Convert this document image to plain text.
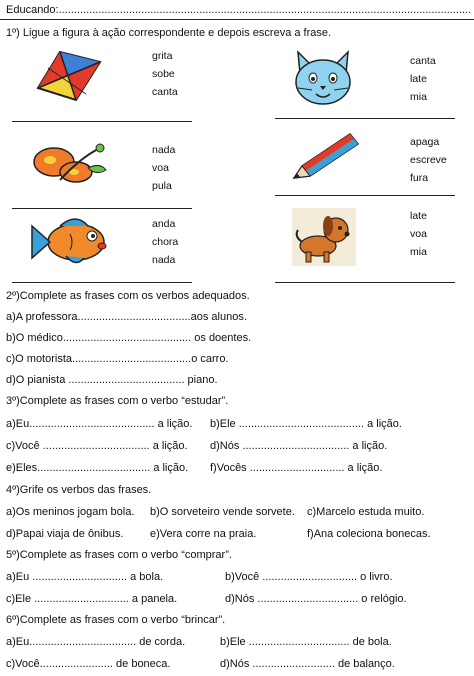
Educando:.......................................................................................................................................
1º) Ligue a figura à ação correspondente e depois escreva a frase.
grita
sobe
canta
nada
voa
pula
anda
chora
nada
canta
late
mia
apaga
escreve
fura
late
voa
mia
2º)Complete as frases com os verbos adequados.
a)A professora.....................................aos alunos.
b)O médico.......................................... os doentes.
c)O motorista.......................................o carro.
d)O pianista ...................................... piano.
3º)Complete as frases com o verbo “estudar”.
a)Eu......................................... a lição. b)Ele ......................................... a lição.
c)Você ................................... a lição. d)Nós ................................... a lição.
e)Eles..................................... a lição. f)Vocês ............................... a lição.
4º)Grife os verbos das frases.
a)Os meninos jogam bola. b)O sorveteiro vende sorvete. c)Marcelo estuda muito.
d)Papai viaja de ônibus. e)Vera corre na praia.	f)Ana coleciona bonecas.
5º)Complete as frases com o verbo “comprar”.
a)Eu ............................... a bola.	b)Você ............................... o livro.
c)Ele ............................... a panela.	d)Nós ................................. o relógio.
6º)Complete as frases com o verbo “brincar”.
a)Eu................................... de corda.	b)Ele ................................. de bola.
c)Você........................ de boneca.	d)Nós ........................... de balanço.
